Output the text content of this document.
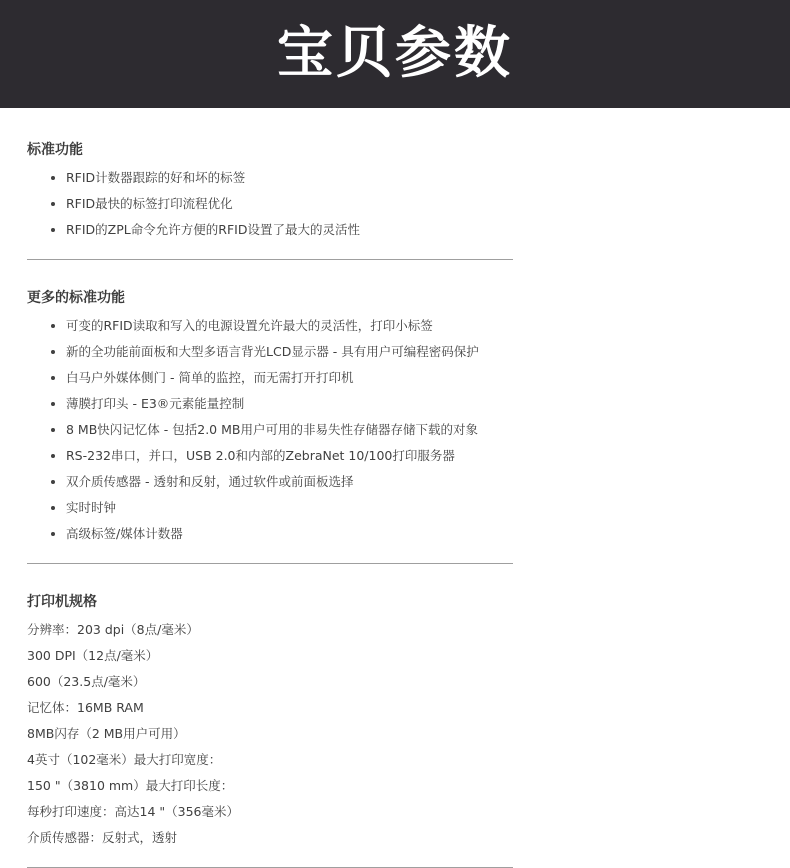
宝贝参数
标准功能
• RFID计数器跟踪的好和坏的标签
• RFID最快的标签打印流程优化
• RFID的ZPL命令允许方便的RFID设置了最大的灵活性
更多的标准功能
• 可变的RFID读取和写入的电源设置允许最大的灵活性，打印小标签
• 新的全功能前面板和大型多语言背光LCD显示器 - 具有用户可编程密码保护
• 白马户外媒体侧门 - 简单的监控，而无需打开打印机
• 薄膜打印头 - E3®元素能量控制
• 8 MB快闪记忆体 - 包括2.0 MB用户可用的非易失性存储器存储下载的对象
• RS-232串口，并口，USB 2.0和内部的ZebraNet 10/100打印服务器
• 双介质传感器 - 透射和反射，通过软件或前面板选择
• 实时时钟
• 高级标签/媒体计数器
打印机规格
分辨率：203 dpi（8点/毫米）
300 DPI（12点/毫米）
600（23.5点/毫米）
记忆体：16MB RAM
8MB闪存（2 MB用户可用）
4英寸（102毫米）最大打印宽度：
150 "（3810 mm）最大打印长度：
每秒打印速度：高达14 "（356毫米）
介质传感器：反射式，透射
